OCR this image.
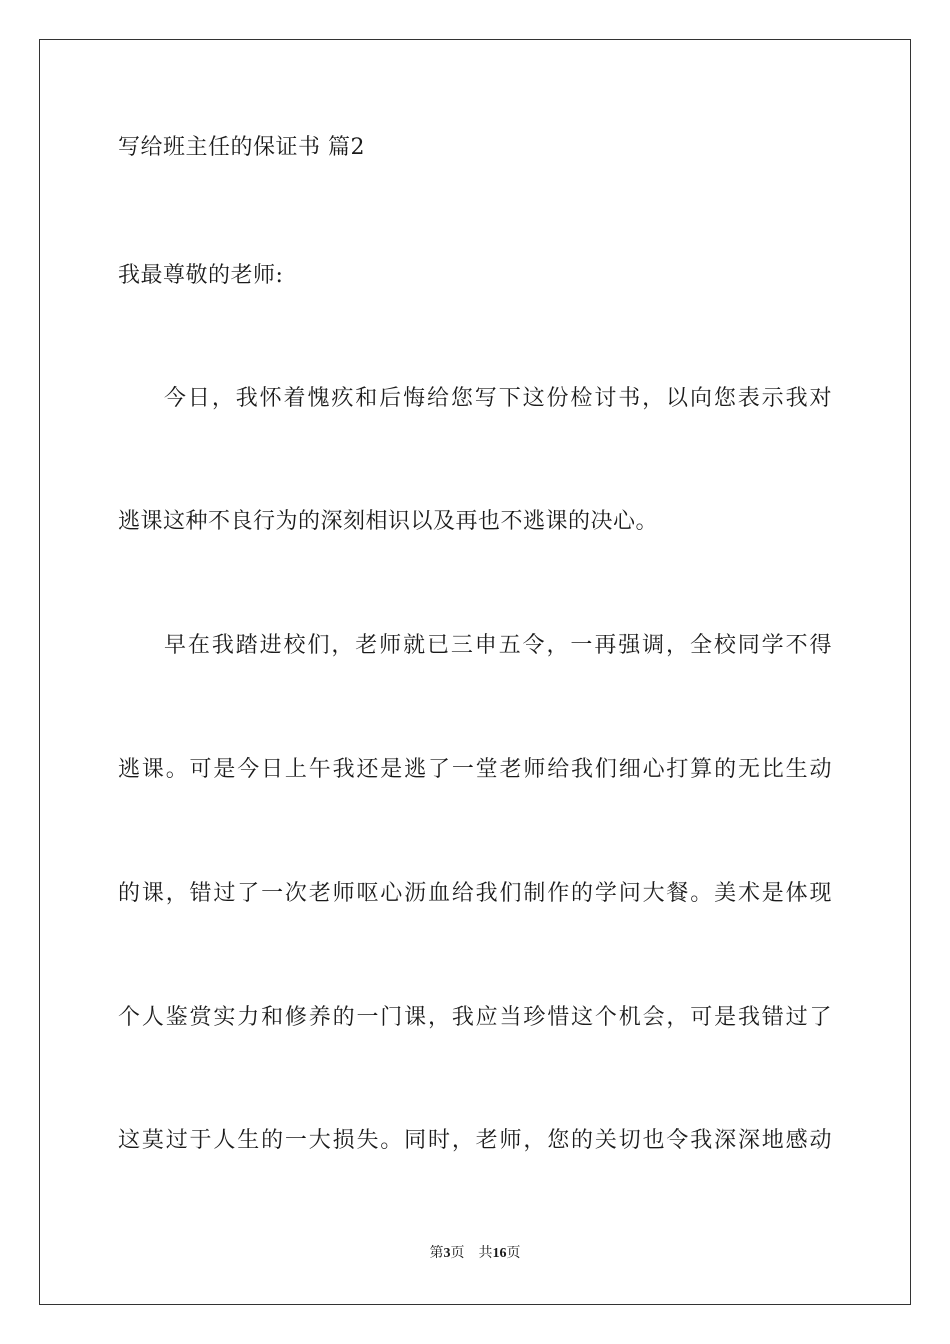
写给班主任的保证书 篇2
我最尊敬的老师:
今日，我怀着愧疚和后悔给您写下这份检讨书，以向您表示我对
逃课这种不良行为的深刻相识以及再也不逃课的决心。
早在我踏进校们，老师就已三申五令，一再强调，全校同学不得
逃课。可是今日上午我还是逃了一堂老师给我们细心打算的无比生动
的课，错过了一次老师呕心沥血给我们制作的学问大餐。美术是体现
个人鉴赏实力和修养的一门课，我应当珍惜这个机会，可是我错过了
这莫过于人生的一大损失。同时，老师，您的关切也令我深深地感动
第3页 共16页
